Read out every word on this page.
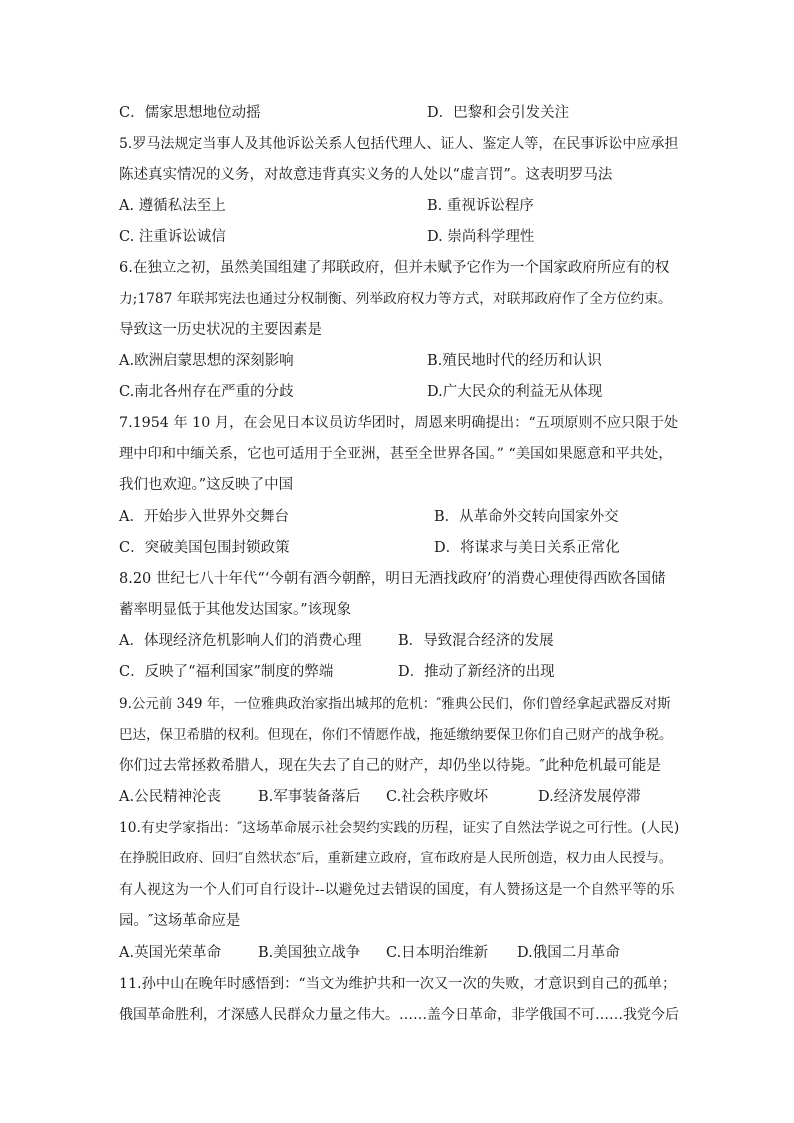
C．儒家思想地位动摇	D．巴黎和会引发关注
5.罗马法规定当事人及其他诉讼关系人包括代理人、证人、鉴定人等，在民事诉讼中应承担
陈述真实情况的义务，对故意违背真实义务的人处以“虚言罚”。这表明罗马法
A. 遵循私法至上	B. 重视诉讼程序
C. 注重诉讼诚信	D. 崇尚科学理性
6.在独立之初，虽然美国组建了邦联政府，但并未赋予它作为一个国家政府所应有的权
力;1787 年联邦宪法也通过分权制衡、列举政府权力等方式，对联邦政府作了全方位约束。
导致这一历史状况的主要因素是
A.欧洲启蒙思想的深刻影响	B.殖民地时代的经历和认识
C.南北各州存在严重的分歧	D.广大民众的利益无从体现
7.1954 年 10 月，在会见日本议员访华团时，周恩来明确提出：“五项原则不应只限于处
理中印和中缅关系，它也可适用于全亚洲，甚至全世界各国。” “美国如果愿意和平共处，
我们也欢迎。”这反映了中国
A．开始步入世界外交舞台	B．从革命外交转向国家外交
C．突破美国包围封锁政策	D．将谋求与美日关系正常化
8.20 世纪七八十年代“‘今朝有酒今朝醉，明日无酒找政府’的消费心理使得西欧各国储
蓄率明显低于其他发达国家。”该现象
A．体现经济危机影响人们的消费心理	B．导致混合经济的发展
C．反映了“福利国家”制度的弊端	D．推动了新经济的出现
9.公元前 349 年，一位雅典政治家指出城邦的危机：″雅典公民们，你们曾经拿起武器反对斯
巴达，保卫希腊的权利。但现在，你们不情愿作战，拖延缴纳要保卫你们自己财产的战争税。
你们过去常拯救希腊人，现在失去了自己的财产，却仍坐以待毙。″此种危机最可能是
A.公民精神沦丧	B.军事装备落后 C.社会秩序败坏	D.经济发展停滞
10.有史学家指出：″这场革命展示社会契约实践的历程，证实了自然法学说之可行性。(人民)
在挣脱旧政府、回归″自然状态″后，重新建立政府，宣布政府是人民所创造，权力由人民授与。
有人视这为一个人们可自行设计--以避免过去错误的国度，有人赞扬这是一个自然平等的乐
园。″这场革命应是
A.英国光荣革命	B.美国独立战争 C.日本明治维新 D.俄国二月革命
11.孙中山在晚年时感悟到：“当文为维护共和一次又一次的失败，才意识到自己的孤单；
俄国革命胜利，才深感人民群众力量之伟大。……盖今日革命，非学俄国不可……我党今后
